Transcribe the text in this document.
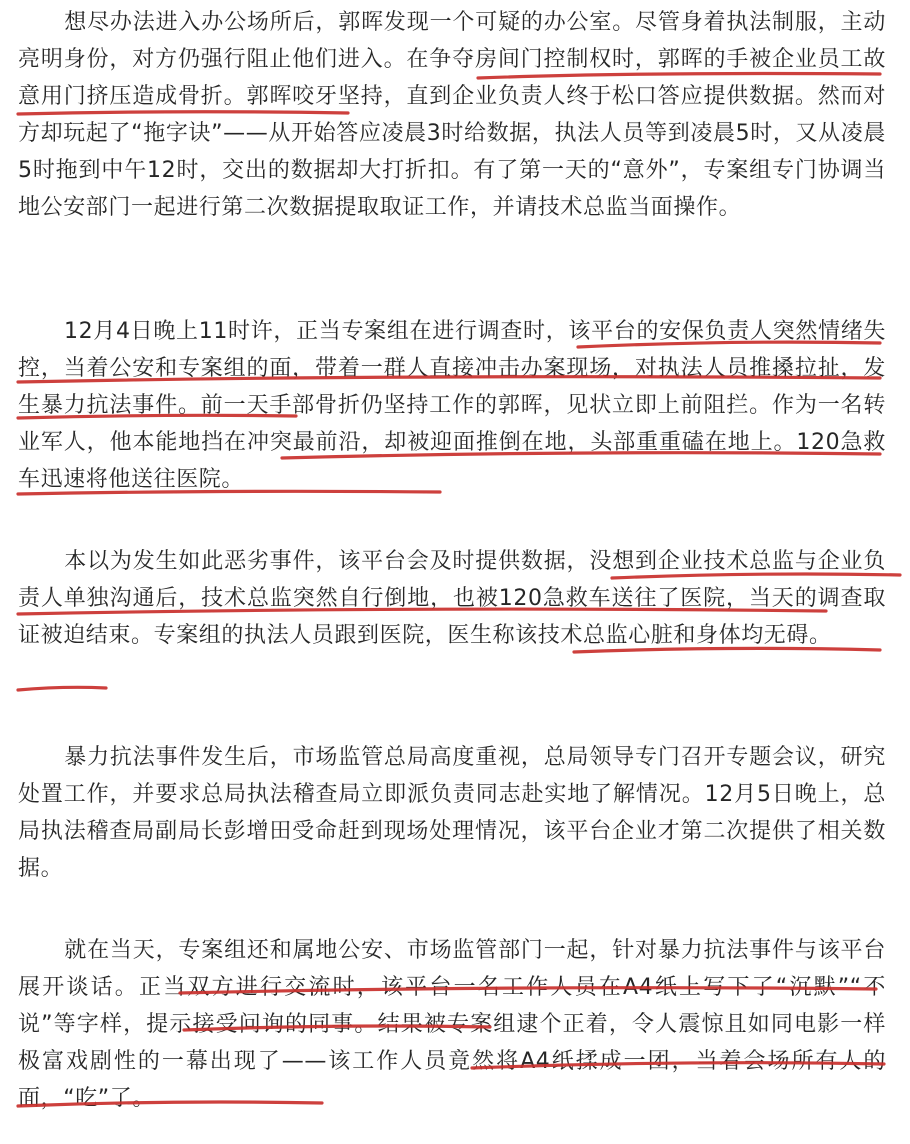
想尽办法进入办公场所后，郭晖发现一个可疑的办公室。尽管身着执法制服，主动亮明身份，对方仍强行阻止他们进入。在争夺房间门控制权时，郭晖的手被企业员工故意用门挤压造成骨折。郭晖咬牙坚持，直到企业负责人终于松口答应提供数据。然而对方却玩起了“拖字诀”——从开始答应凌晨3时给数据，执法人员等到凌晨5时，又从凌晨5时拖到中午12时，交出的数据却大打折扣。有了第一天的“意外”，专案组专门协调当地公安部门一起进行第二次数据提取取证工作，并请技术总监当面操作。

12月4日晚上11时许，正当专案组在进行调查时，该平台的安保负责人突然情绪失控，当着公安和专案组的面，带着一群人直接冲击办案现场，对执法人员推搡拉扯，发生暴力抗法事件。前一天手部骨折仍坚持工作的郭晖，见状立即上前阻拦。作为一名转业军人，他本能地挡在冲突最前沿，却被迎面推倒在地，头部重重磕在地上。120急救车迅速将他送往医院。

本以为发生如此恶劣事件，该平台会及时提供数据，没想到企业技术总监与企业负责人单独沟通后，技术总监突然自行倒地，也被120急救车送往了医院，当天的调查取证被迫结束。专案组的执法人员跟到医院，医生称该技术总监心脏和身体均无碍。

暴力抗法事件发生后，市场监管总局高度重视，总局领导专门召开专题会议，研究处置工作，并要求总局执法稽查局立即派负责同志赴实地了解情况。12月5日晚上，总局执法稽查局副局长彭增田受命赶到现场处理情况，该平台企业才第二次提供了相关数据。

就在当天，专案组还和属地公安、市场监管部门一起，针对暴力抗法事件与该平台展开谈话。正当双方进行交流时，该平台一名工作人员在A4纸上写下了“沉默”“不说”等字样，提示接受问询的同事。结果被专案组逮个正着，令人震惊且如同电影一样极富戏剧性的一幕出现了——该工作人员竟然将A4纸揉成一团，当着会场所有人的面，“吃”了。
